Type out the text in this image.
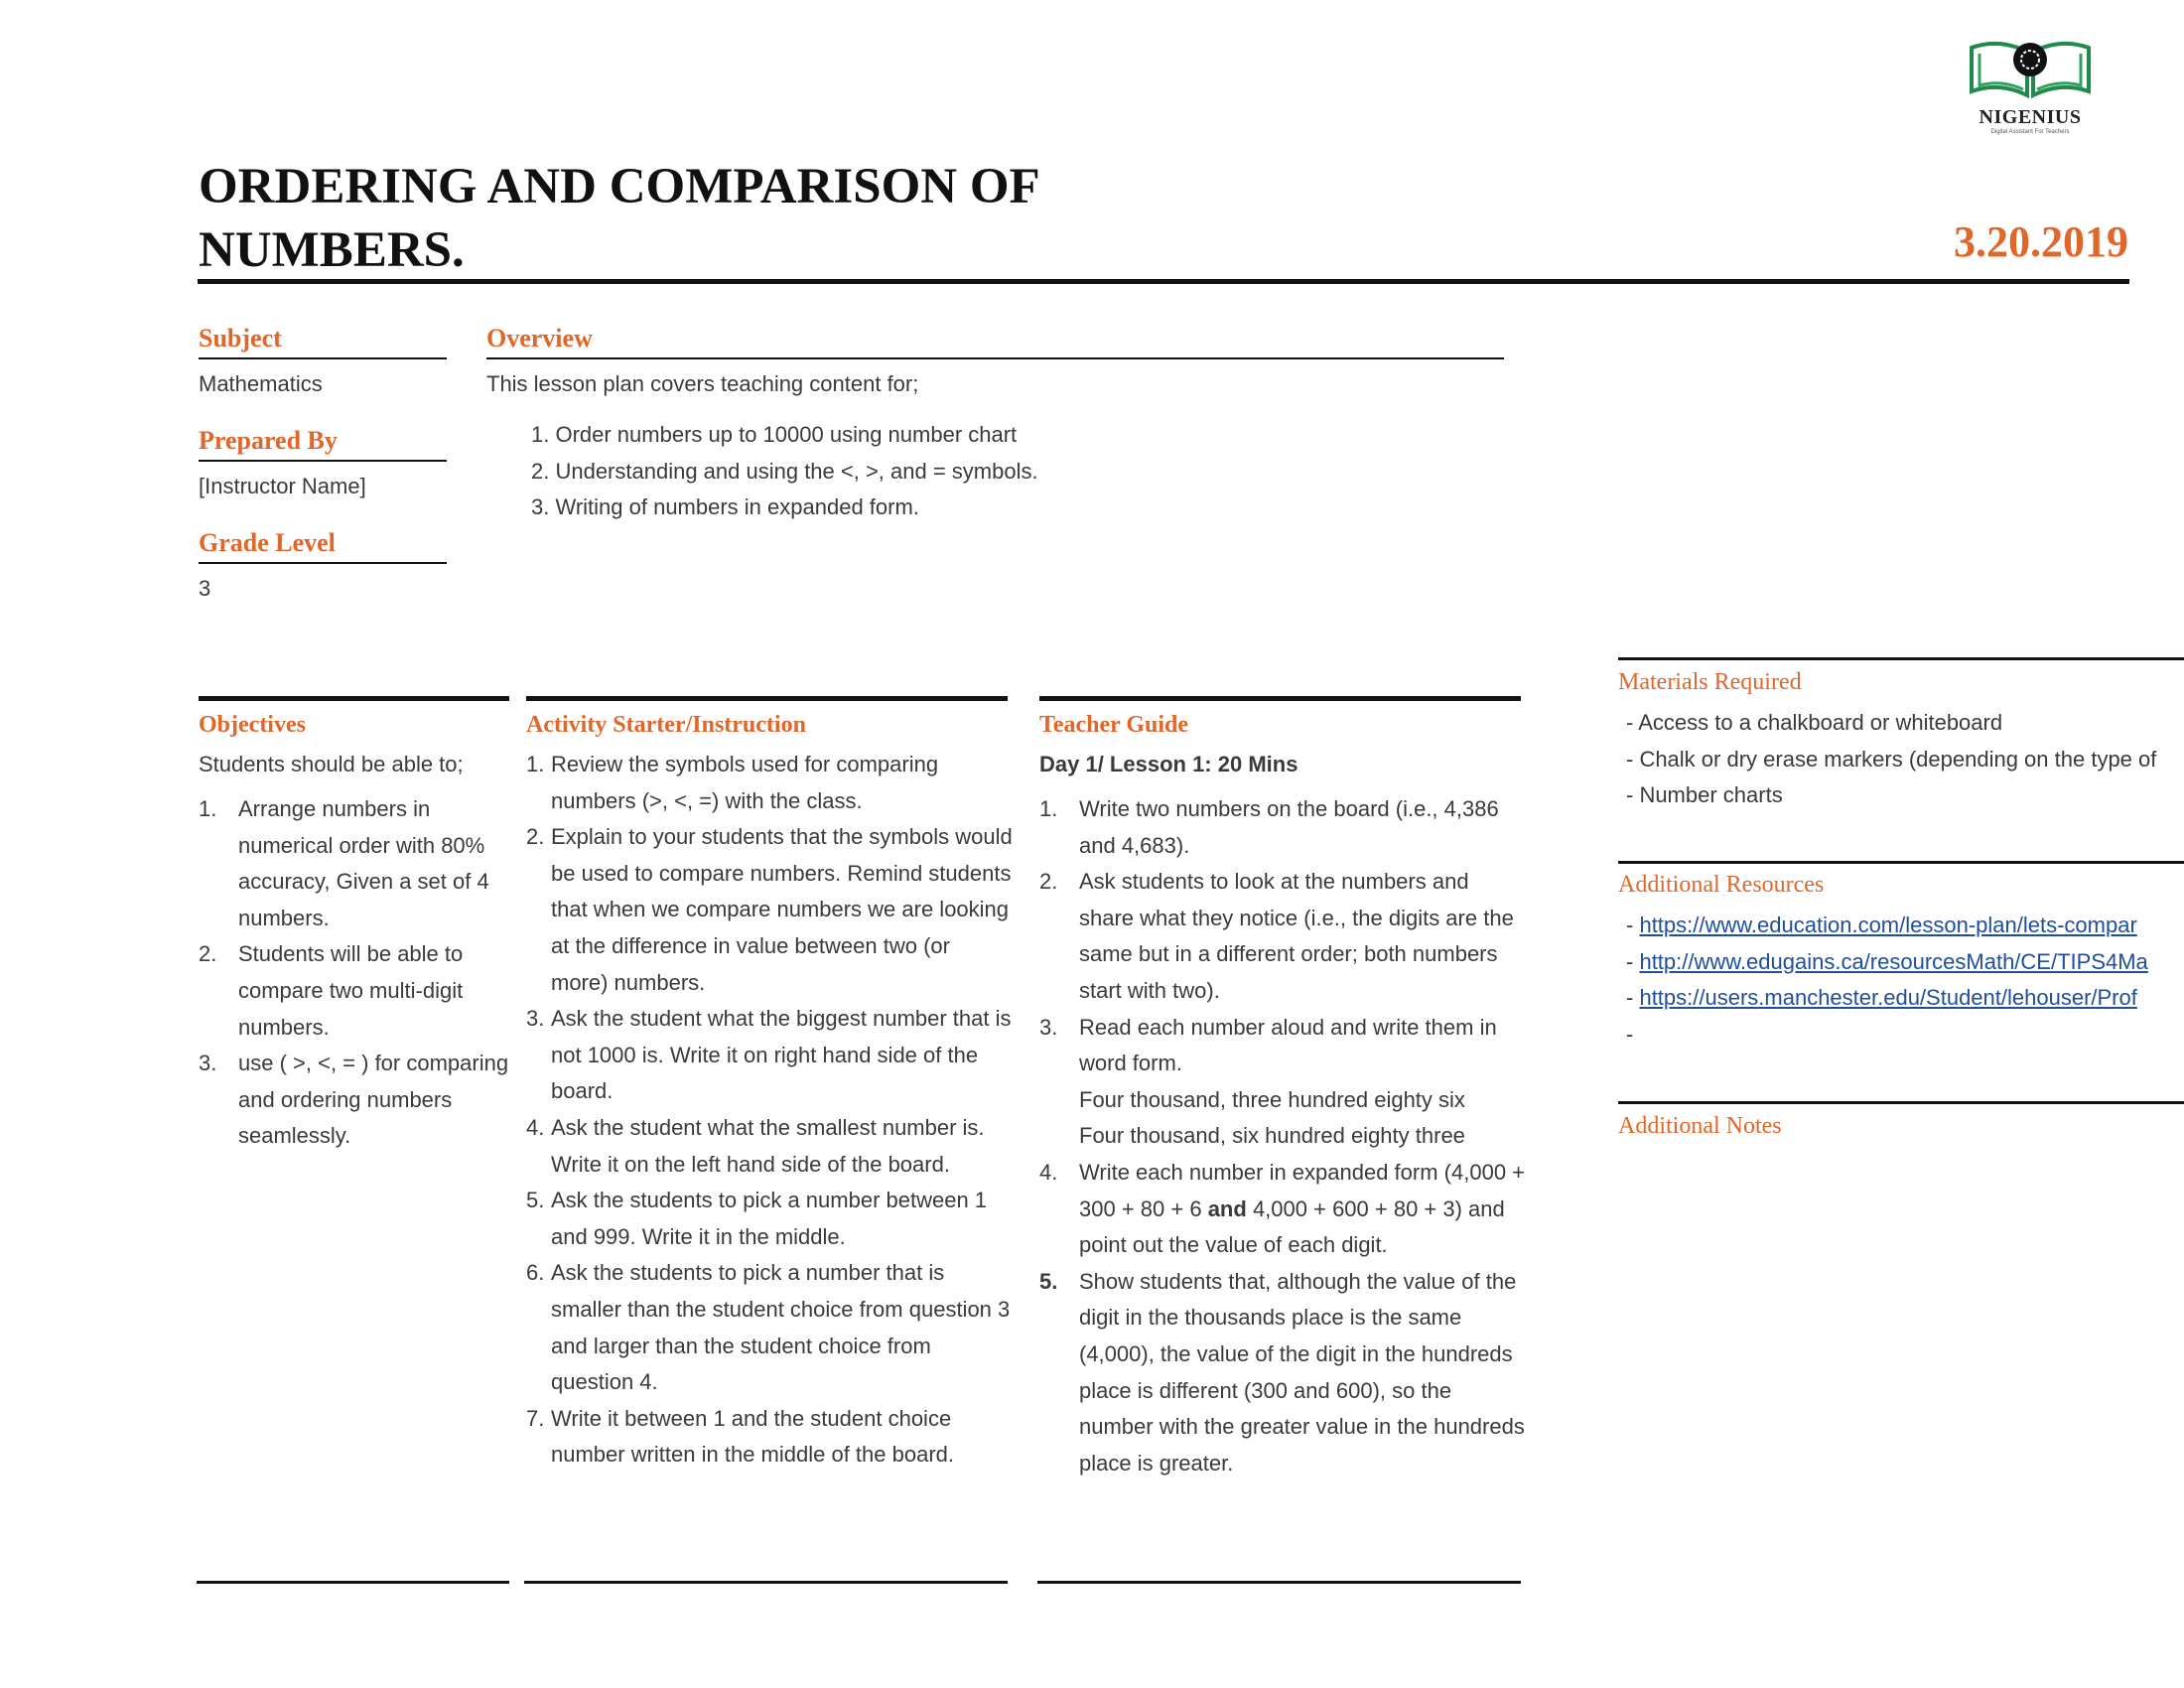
NIGENIUS
Digital Assistant For Teachers
ORDERING AND COMPARISON OF
NUMBERS.	3.20.2019
Subject
Mathematics
Prepared By
[Instructor Name]
Grade Level
3
Overview
This lesson plan covers teaching content for;
1. Order numbers up to 10000 using number chart
2. Understanding and using the <, >, and = symbols.
3. Writing of numbers in expanded form.
Objectives
Students should be able to;
1. Arrange numbers in numerical order with 80% accuracy, Given a set of 4 numbers.
2. Students will be able to compare two multi-digit numbers.
3. use ( >, <, = ) for comparing and ordering numbers seamlessly.
Activity Starter/Instruction
1. Review the symbols used for comparing numbers (>, <, =) with the class.
2. Explain to your students that the symbols would be used to compare numbers. Remind students that when we compare numbers we are looking at the difference in value between two (or more) numbers.
3. Ask the student what the biggest number that is not 1000 is. Write it on right hand side of the board.
4. Ask the student what the smallest number is. Write it on the left hand side of the board.
5. Ask the students to pick a number between 1 and 999. Write it in the middle.
6. Ask the students to pick a number that is smaller than the student choice from question 3 and larger than the student choice from question 4.
7. Write it between 1 and the student choice number written in the middle of the board.
Teacher Guide
Day 1/ Lesson 1: 20 Mins
1. Write two numbers on the board (i.e., 4,386 and 4,683).
2. Ask students to look at the numbers and share what they notice (i.e., the digits are the same but in a different order; both numbers start with two).
3. Read each number aloud and write them in word form.
Four thousand, three hundred eighty six
Four thousand, six hundred eighty three
4. Write each number in expanded form (4,000 + 300 + 80 + 6 and 4,000 + 600 + 80 + 3) and point out the value of each digit.
5. Show students that, although the value of the digit in the thousands place is the same (4,000), the value of the digit in the hundreds place is different (300 and 600), so the number with the greater value in the hundreds place is greater.
Materials Required
- Access to a chalkboard or whiteboard
- Chalk or dry erase markers (depending on the type of
- Number charts
Additional Resources
- https://www.education.com/lesson-plan/lets-compar
- http://www.edugains.ca/resourcesMath/CE/TIPS4Ma
- https://users.manchester.edu/Student/lehouser/Prof
-
Additional Notes
